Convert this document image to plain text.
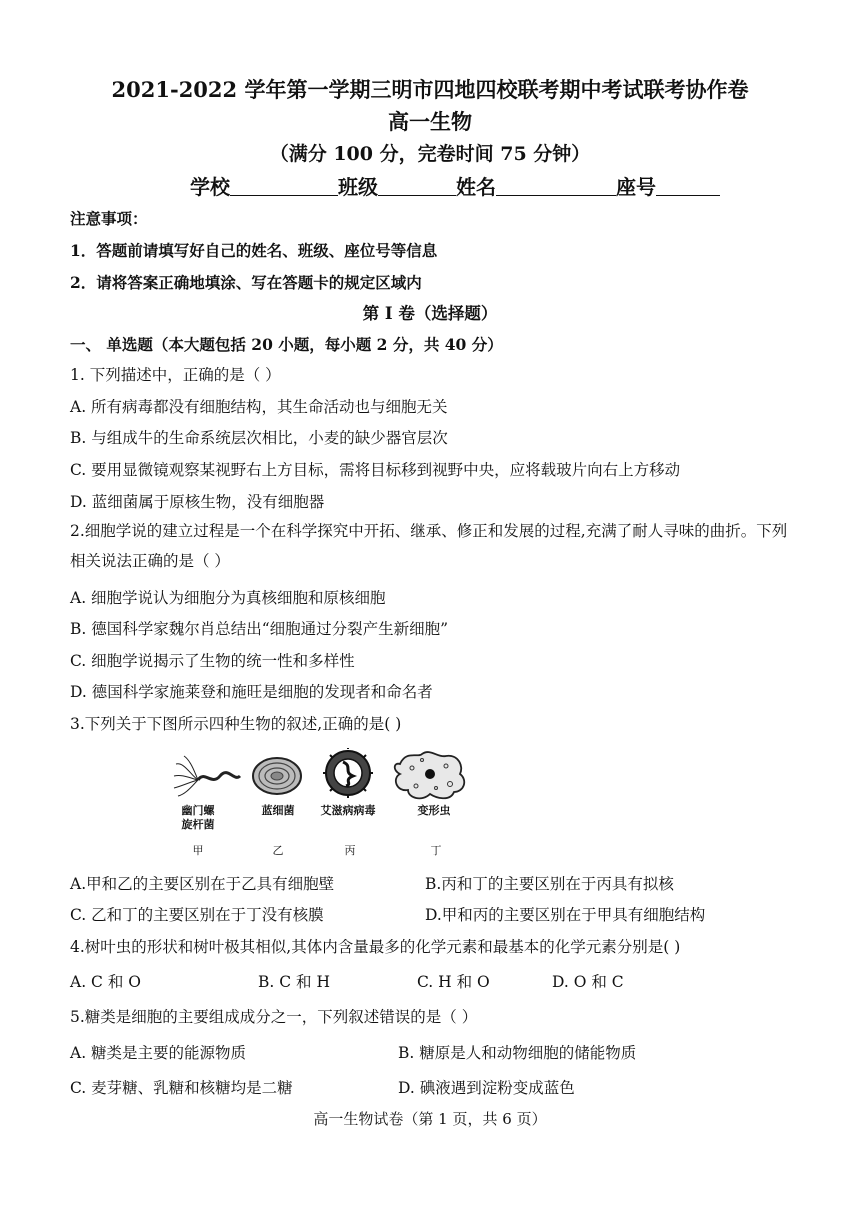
2021-2022 学年第一学期三明市四地四校联考期中考试联考协作卷
高一生物
（满分 100 分，完卷时间 75 分钟）
学校	班级	姓名	座号
注意事项：
1．答题前请填写好自己的姓名、班级、座位号等信息
2．请将答案正确地填涂、写在答题卡的规定区域内
第 I 卷（选择题）
一、 单选题（本大题包括 20 小题，每小题 2 分，共 40 分）
1. 下列描述中，正确的是（ ）
A. 所有病毒都没有细胞结构，其生命活动也与细胞无关
B. 与组成牛的生命系统层次相比，小麦的缺少器官层次
C. 要用显微镜观察某视野右上方目标，需将目标移到视野中央，应将载玻片向右上方移动
D. 蓝细菌属于原核生物，没有细胞器
2.细胞学说的建立过程是一个在科学探究中开拓、继承、修正和发展的过程,充满了耐人寻味的曲折。下列相关说法正确的是（ ）
A. 细胞学说认为细胞分为真核细胞和原核细胞
B. 德国科学家魏尔肖总结出“细胞通过分裂产生新细胞”
C. 细胞学说揭示了生物的统一性和多样性
D. 德国科学家施莱登和施旺是细胞的发现者和命名者
3.下列关于下图所示四种生物的叙述,正确的是( )
幽门螺
旋杆菌
蓝细菌	艾滋病病毒	变形虫
甲	乙	丙	丁
A.甲和乙的主要区别在于乙具有细胞壁	B.丙和丁的主要区别在于丙具有拟核
C. 乙和丁的主要区别在于丁没有核膜	D.甲和丙的主要区别在于甲具有细胞结构
4.树叶虫的形状和树叶极其相似,其体内含量最多的化学元素和最基本的化学元素分别是( )
A. C 和 O	B. C 和 H	C. H 和 O	D. O 和 C
5.糖类是细胞的主要组成成分之一，下列叙述错误的是（ ）
A. 糖类是主要的能源物质	B. 糖原是人和动物细胞的储能物质
C. 麦芽糖、乳糖和核糖均是二糖	D. 碘液遇到淀粉变成蓝色
高一生物试卷（第 1 页，共 6 页）
